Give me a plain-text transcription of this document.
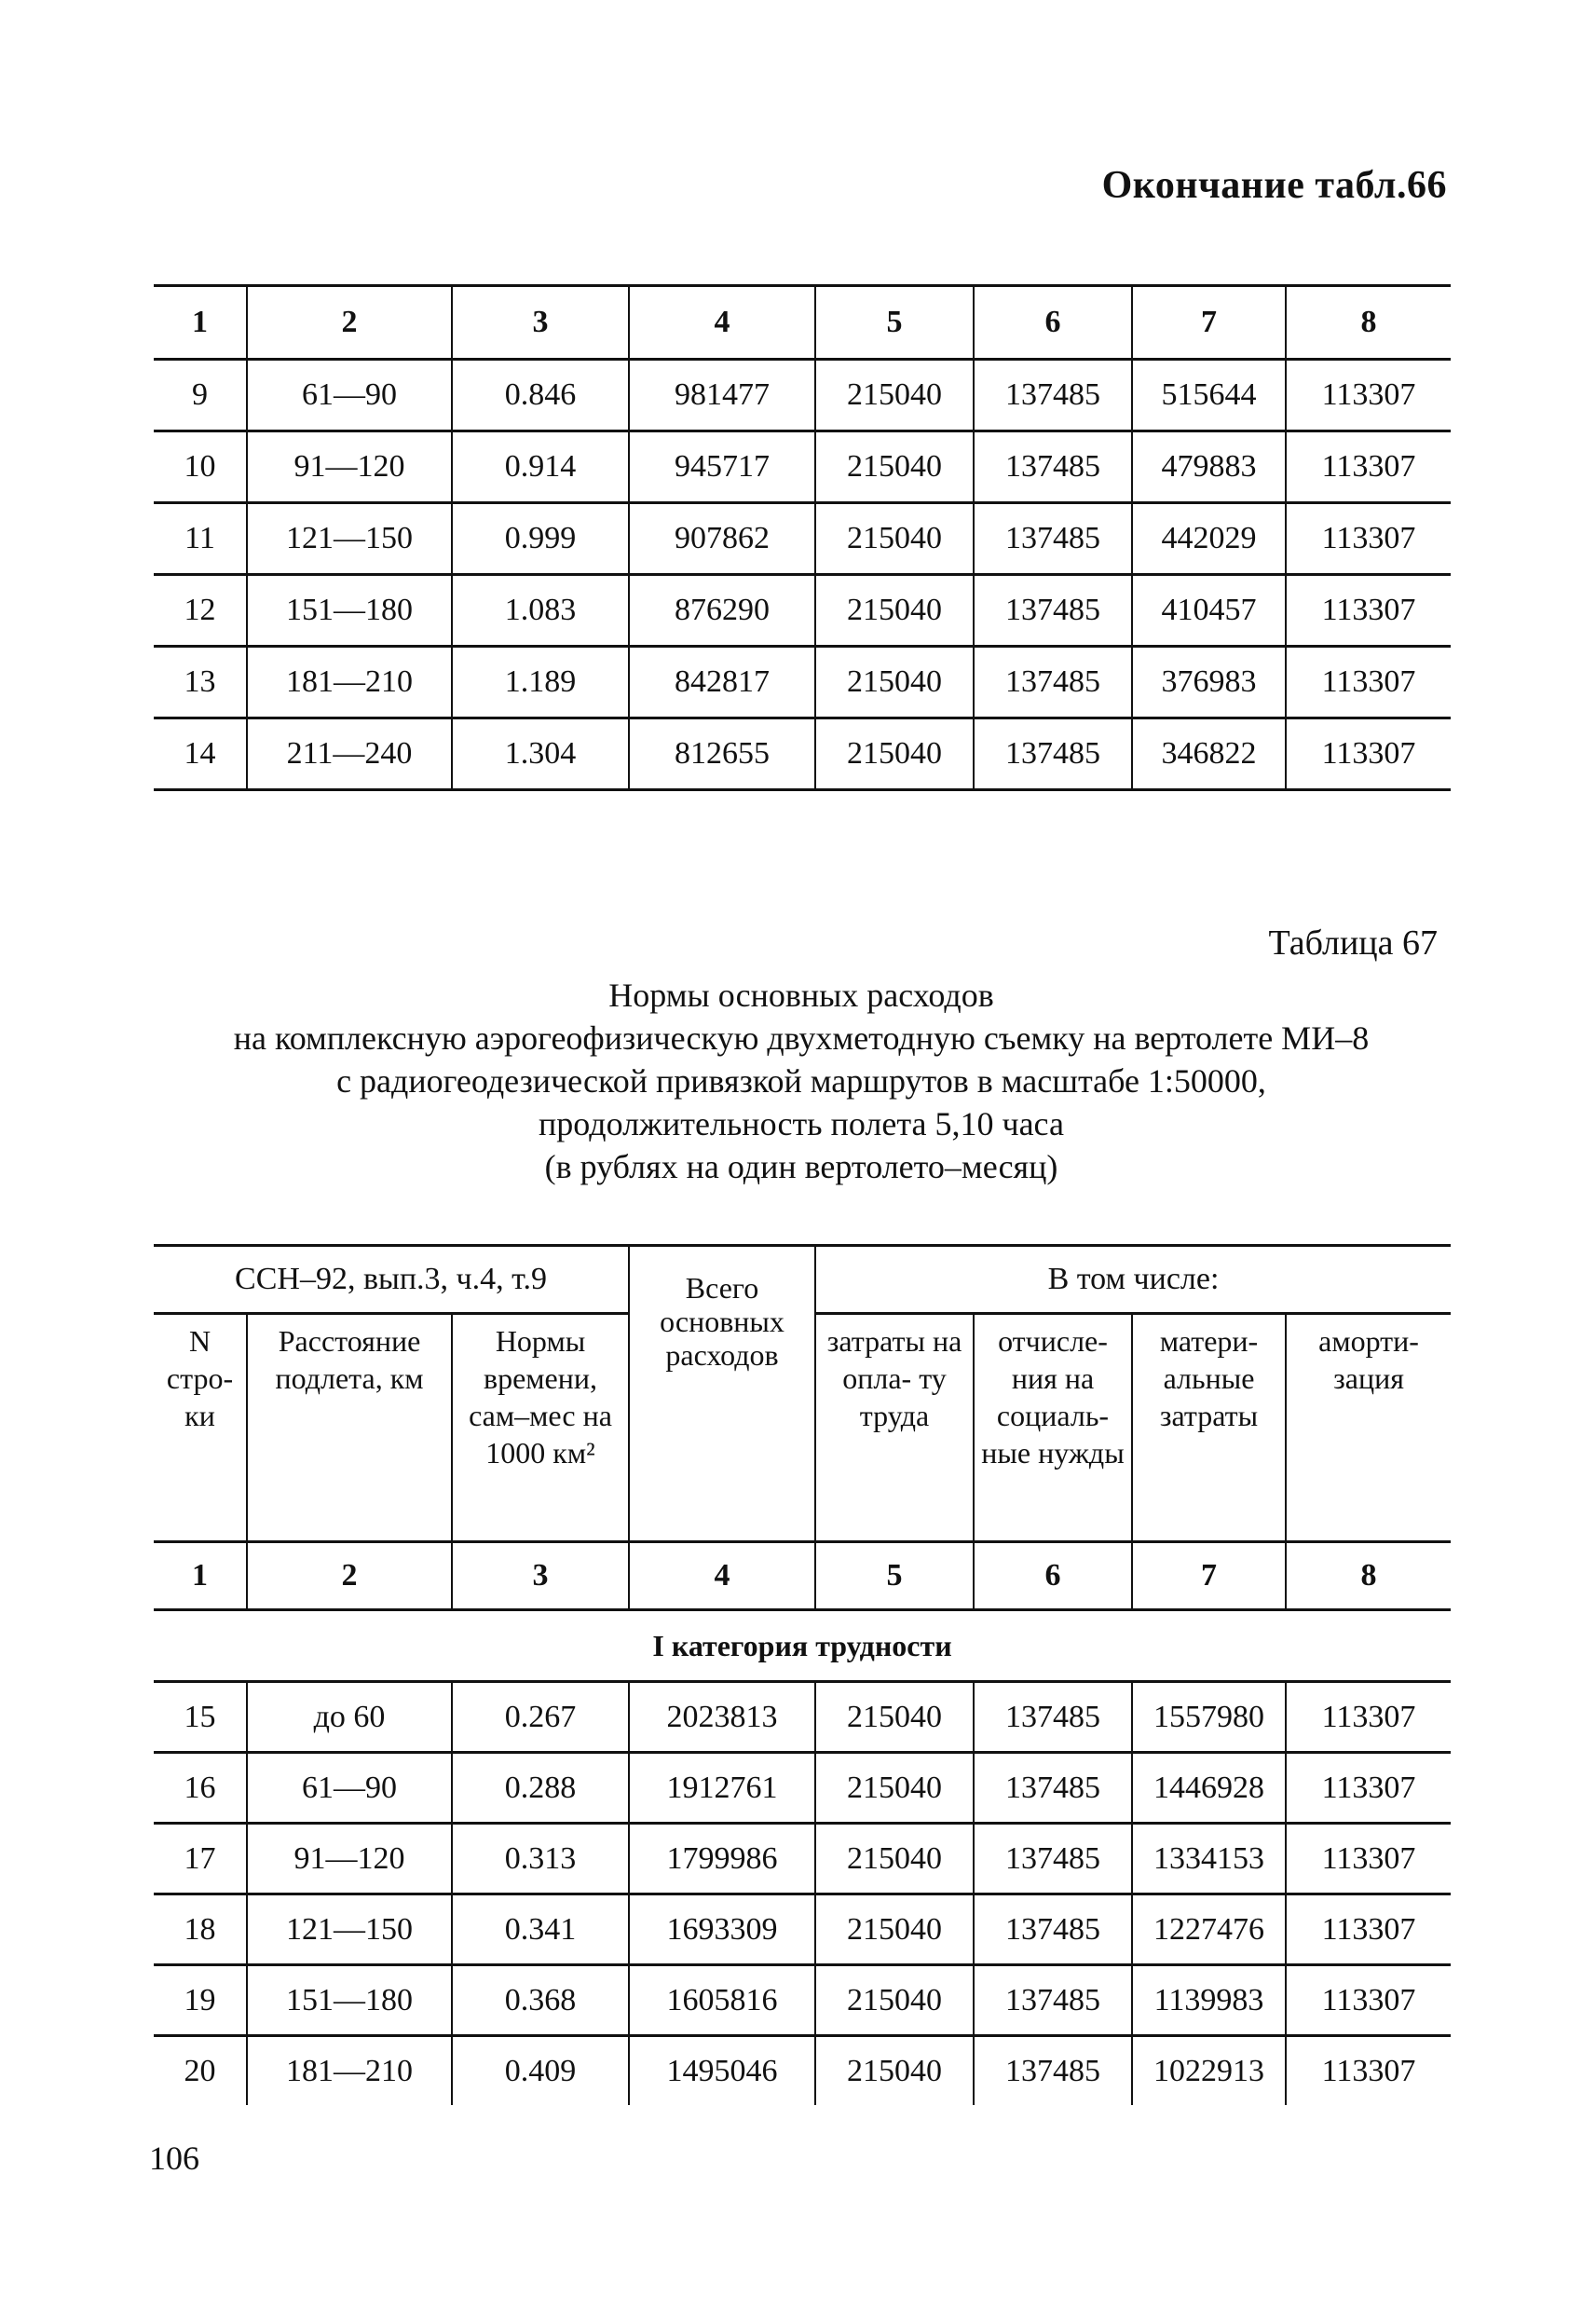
Окончание табл.66
1	2	3	4	5	6	7	8
9	61—90	0.846	981477	215040	137485	515644	113307
10	91—120	0.914	945717	215040	137485	479883	113307
11	121—150	0.999	907862	215040	137485	442029	113307
12	151—180	1.083	876290	215040	137485	410457	113307
13	181—210	1.189	842817	215040	137485	376983	113307
14	211—240	1.304	812655	215040	137485	346822	113307
Таблица 67
Нормы основных расходов
на комплексную аэрогеофизическую двухметодную съемку на вертолете МИ–8
с радиогеодезической привязкой маршрутов в масштабе 1:50000,
продолжительность полета 5,10 часа
(в рублях на один вертолето–месяц)
ССН–92, вып.3, ч.4, т.9			Всего основных расходов	В том числе:			
N стро- ки	Расстояние подлета, км	Нормы времени, сам–мес на 1000 км²		затраты на опла- ту труда	отчисле- ния на социаль- ные нужды	матери- альные затраты	аморти- зация
1	2	3	4	5	6	7	8
I категория трудности							
15	до 60	0.267	2023813	215040	137485	1557980	113307
16	61—90	0.288	1912761	215040	137485	1446928	113307
17	91—120	0.313	1799986	215040	137485	1334153	113307
18	121—150	0.341	1693309	215040	137485	1227476	113307
19	151—180	0.368	1605816	215040	137485	1139983	113307
20	181—210	0.409	1495046	215040	137485	1022913	113307
106
